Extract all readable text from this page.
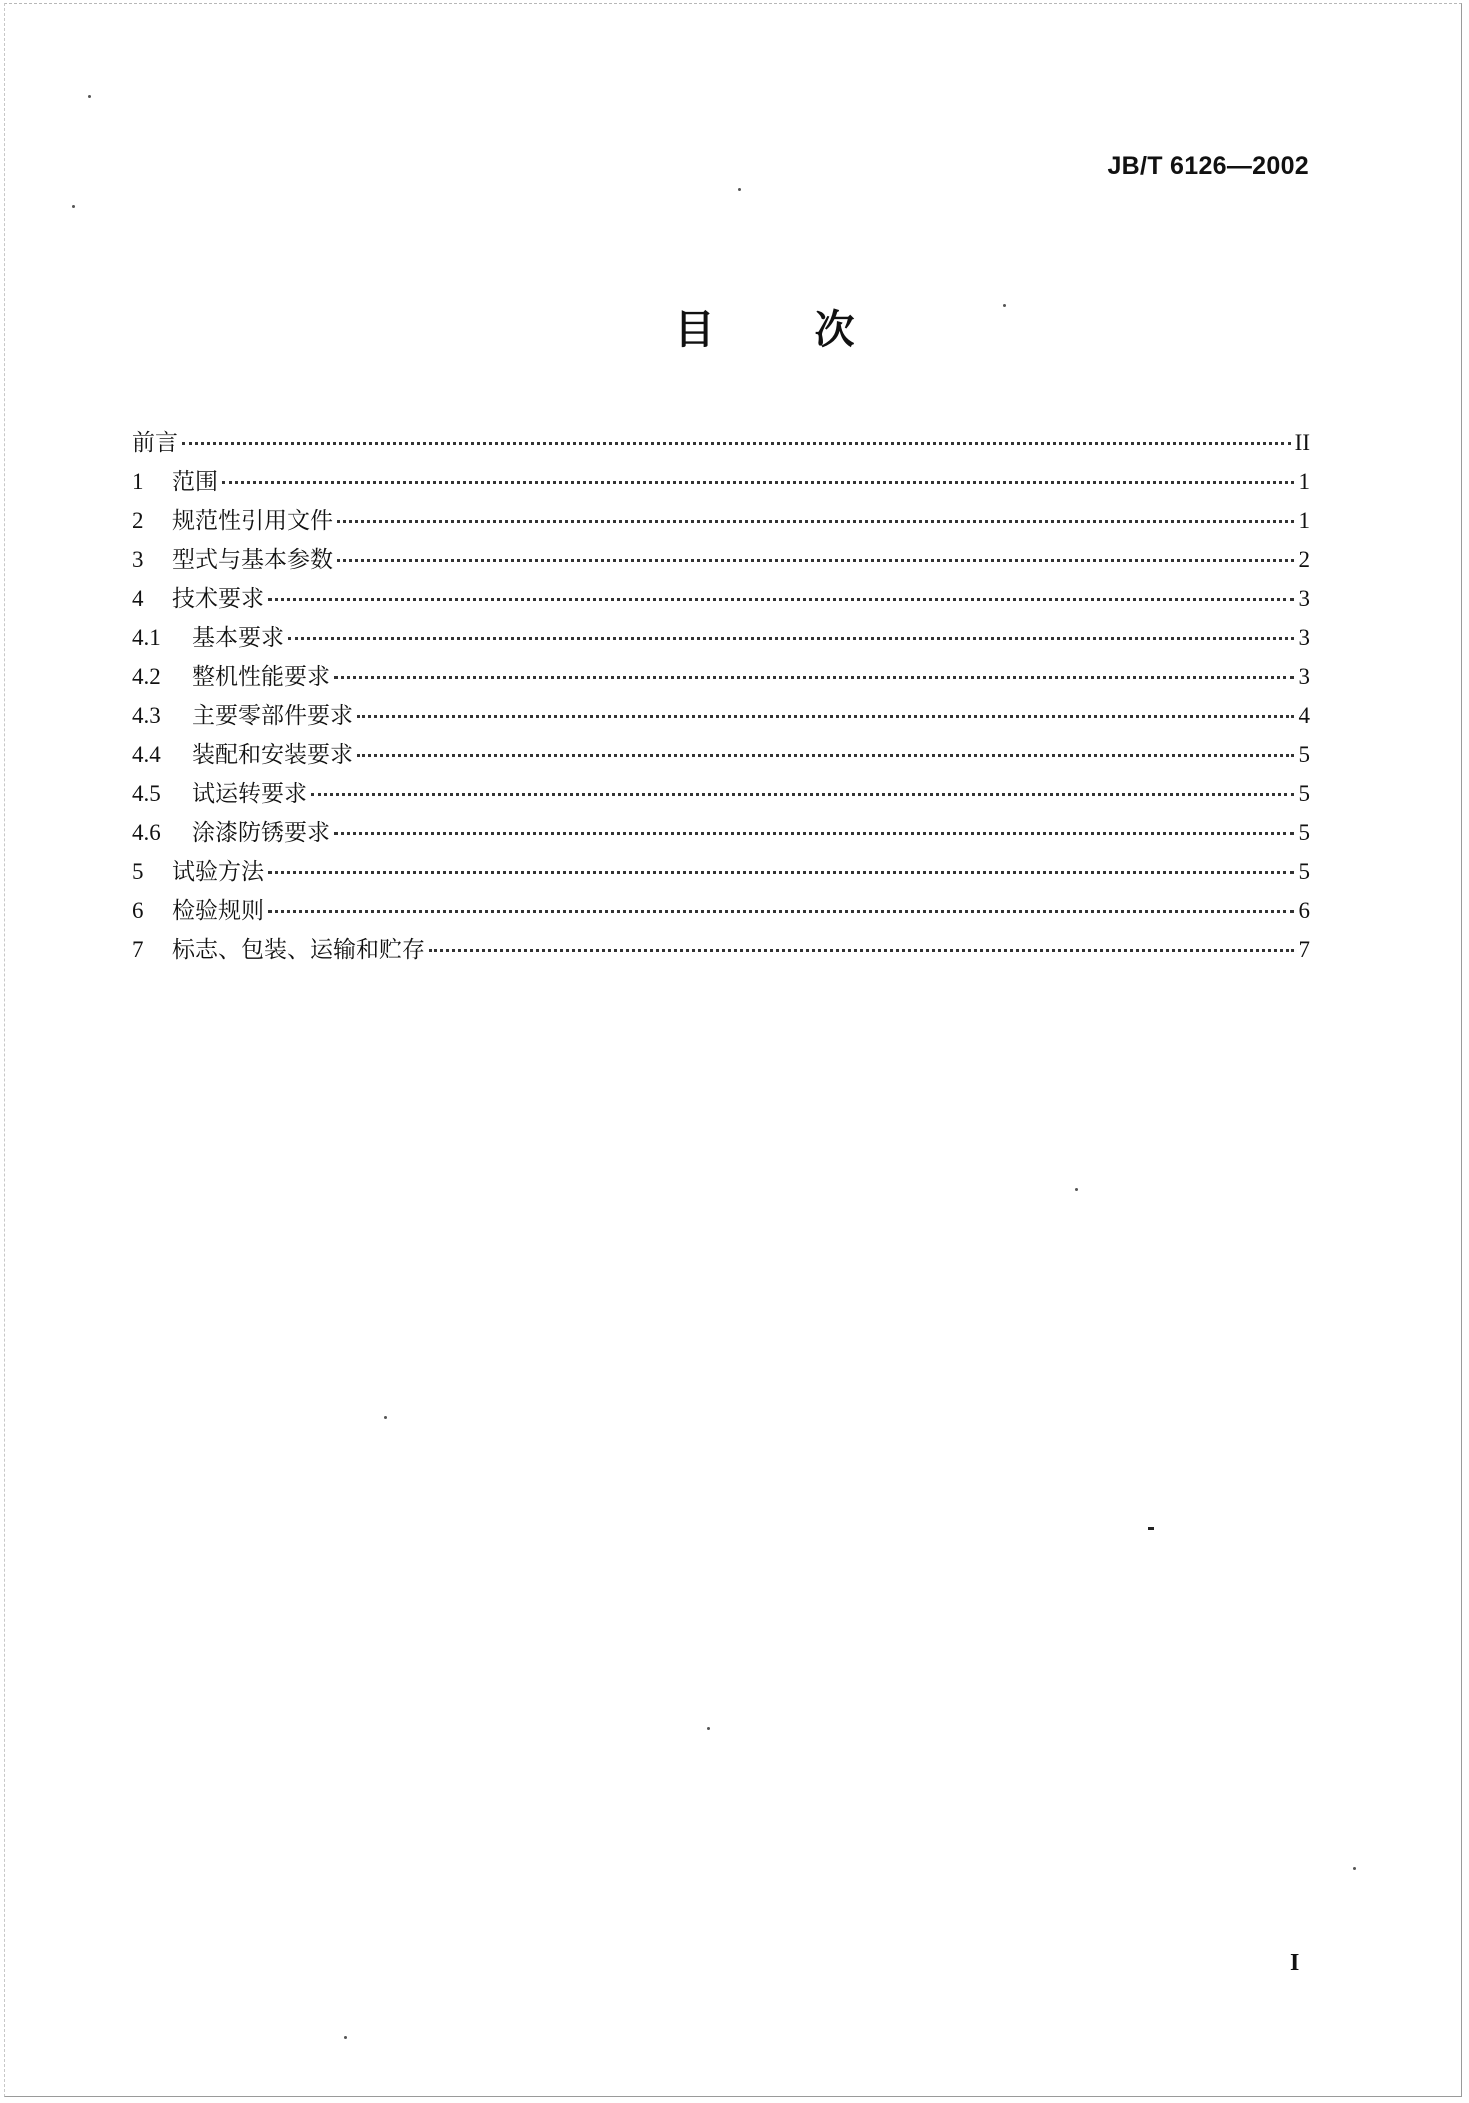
JB/T 6126—2002
目	次
前言	II
1	范围	1
2	规范性引用文件	1
3	型式与基本参数	2
4	技术要求	3
4.1	基本要求	3
4.2	整机性能要求	3
4.3	主要零部件要求	4
4.4	装配和安装要求	5
4.5	试运转要求	5
4.6	涂漆防锈要求	5
5	试验方法	5
6	检验规则	6
7	标志、包装、运输和贮存	7
I
